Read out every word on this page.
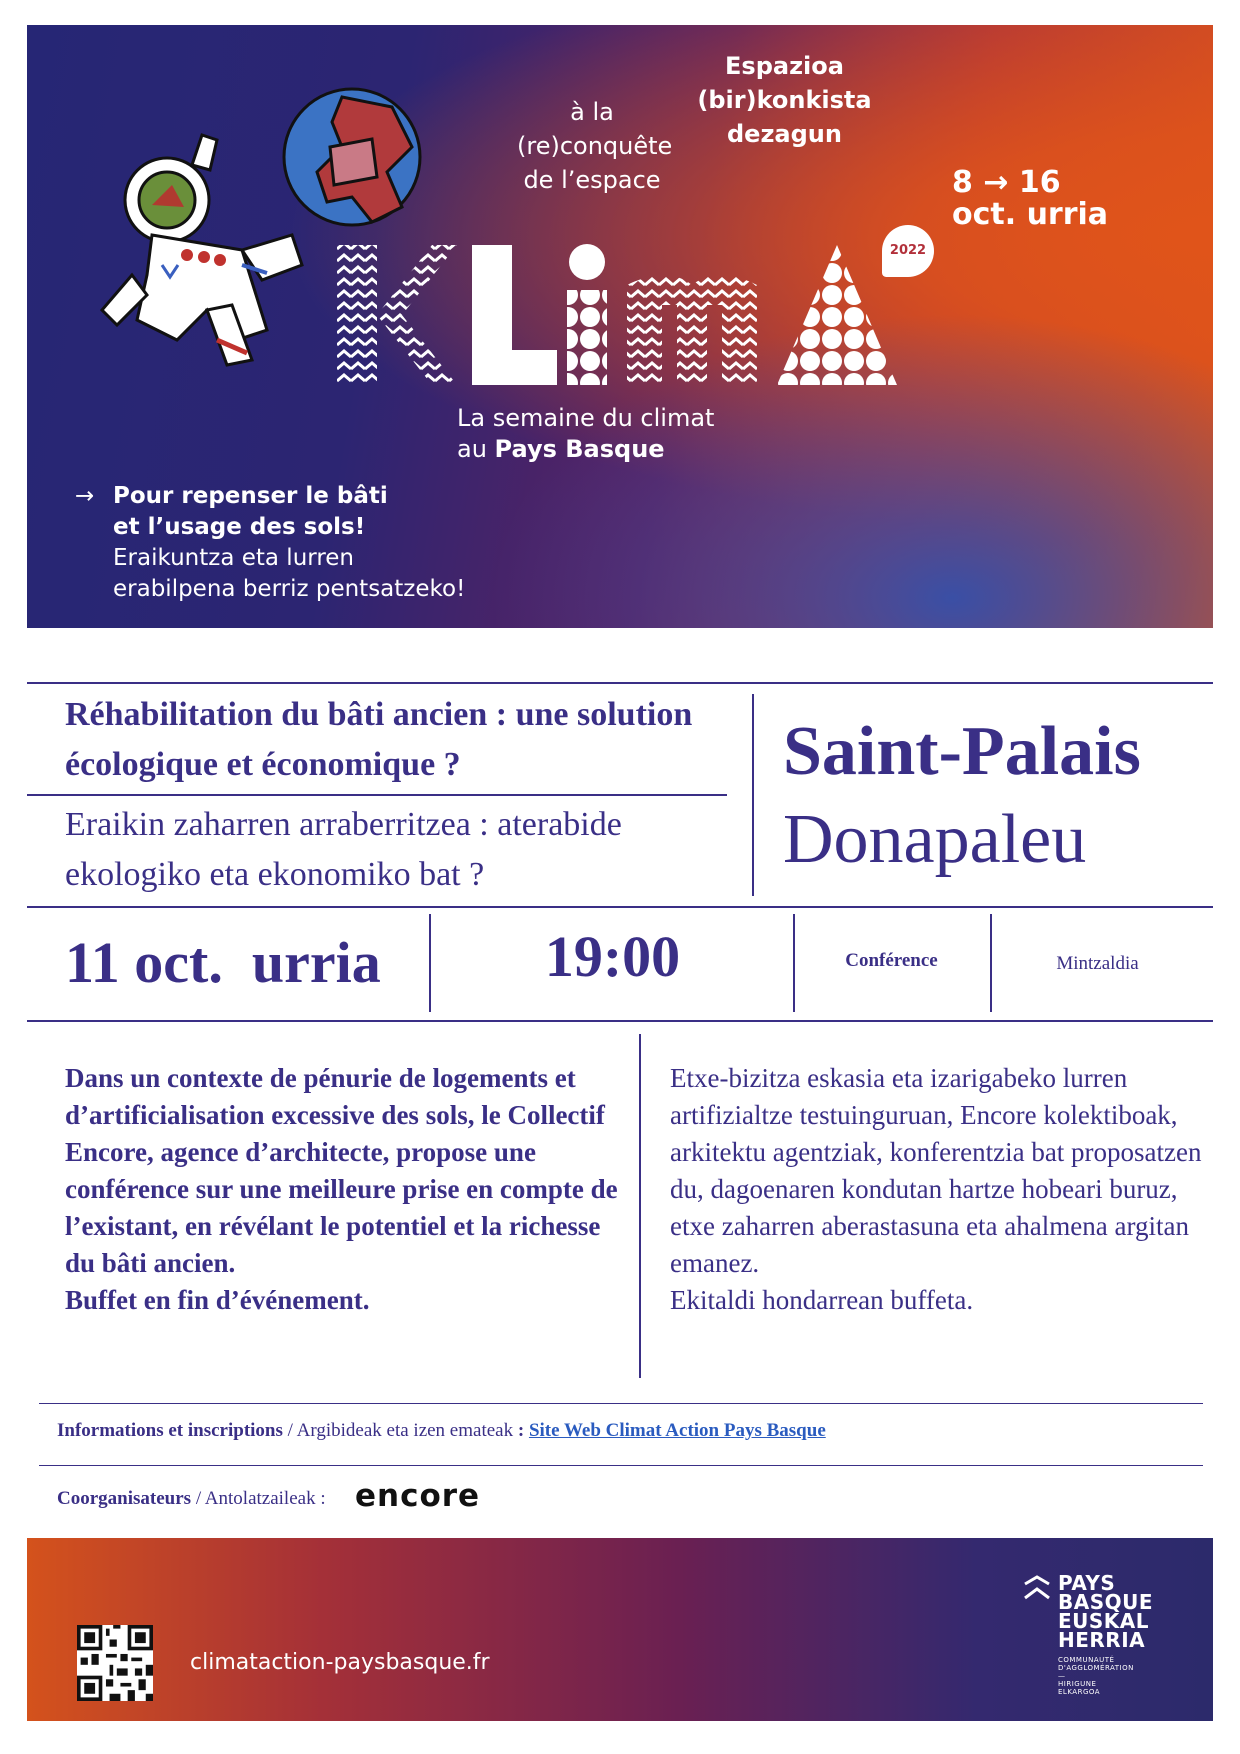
à la
(re)conquête
de l’espace
Espazioa
(bir)konkista
dezagun
8 → 16
oct. urria
2022
La semaine du climat
au Pays Basque
→ Pour repenser le bâti
et l’usage des sols!
Eraikuntza eta lurren
erabilpena berriz pentsatzeko!
Réhabilitation du bâti ancien : une solution écologique et économique ?
Eraikin zaharren arraberritzea : aterabide ekologiko eta ekonomiko bat ?
Saint-Palais
Donapaleu
11 oct.  urria	19:00	Conférence	Mintzaldia

Dans un contexte de pénurie de logements et d’artificialisation excessive des sols, le Collectif Encore, agence d’architecte, propose une conférence sur une meilleure prise en compte de l’existant, en révélant le potentiel et la richesse du bâti ancien.

Buffet en fin d’événement.

Etxe-bizitza eskasia eta izarigabeko lurren artifizialtze testuinguruan, Encore kolektiboak, arkitektu agentziak, konferentzia bat proposatzen du, dagoenaren kondutan hartze hobeari buruz, etxe zaharren aberastasuna eta ahalmena argitan emanez.

Ekitaldi hondarrean buffeta.

Informations et inscriptions / Argibideak eta izen emateak : Site Web Climat Action Pays Basque
Coorganisateurs / Antolatzaileak : encore
climataction-paysbasque.fr
PAYS
BASQUE
EUSKAL
HERRIA
COMMUNAUTÉ
D'AGGLOMÉRATION
—
HIRIGUNE
ELKARGOA
